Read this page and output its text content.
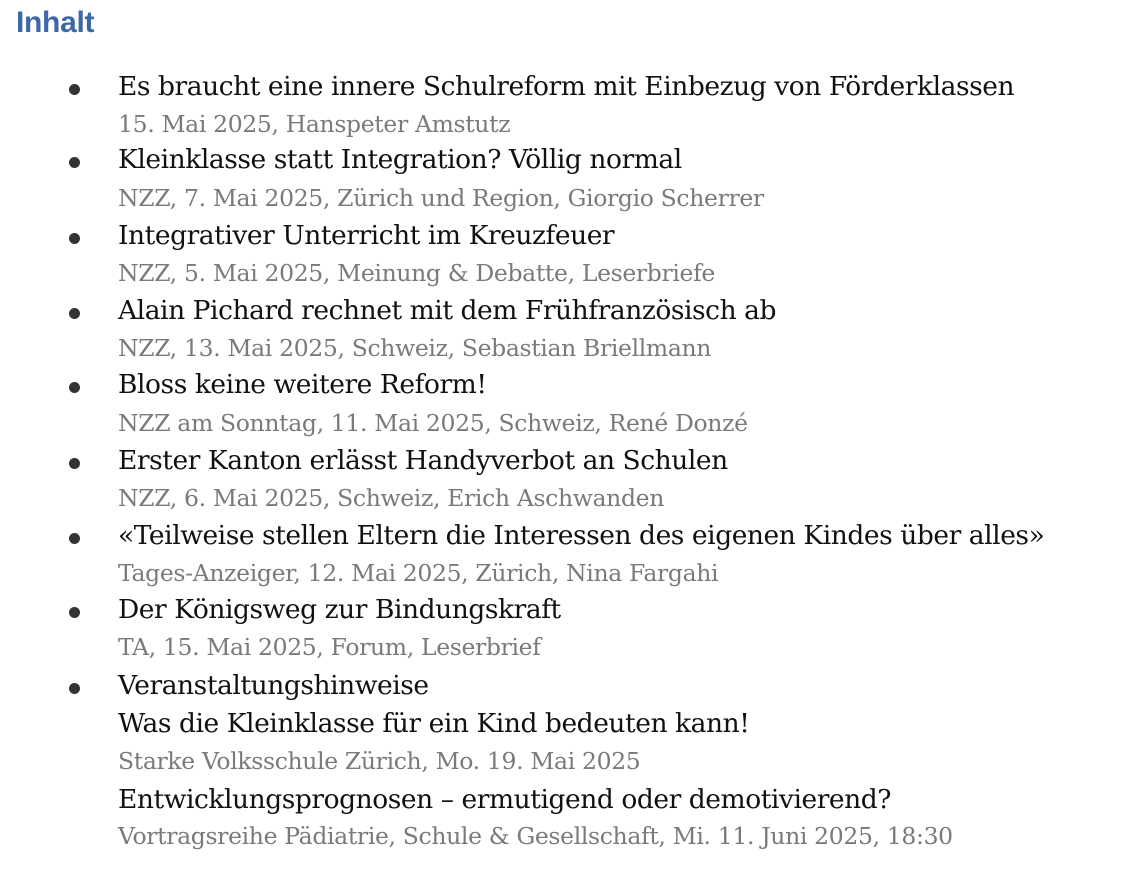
Inhalt
Es braucht eine innere Schulreform mit Einbezug von Förderklassen
15. Mai 2025, Hanspeter Amstutz
Kleinklasse statt Integration? Völlig normal
NZZ, 7. Mai 2025, Zürich und Region, Giorgio Scherrer
Integrativer Unterricht im Kreuzfeuer
NZZ, 5. Mai 2025, Meinung & Debatte, Leserbriefe
Alain Pichard rechnet mit dem Frühfranzösisch ab
NZZ, 13. Mai 2025, Schweiz, Sebastian Briellmann
Bloss keine weitere Reform!
NZZ am Sonntag, 11. Mai 2025, Schweiz, René Donzé
Erster Kanton erlässt Handyverbot an Schulen
NZZ, 6. Mai 2025, Schweiz, Erich Aschwanden
«Teilweise stellen Eltern die Interessen des eigenen Kindes über alles»
Tages-Anzeiger, 12. Mai 2025, Zürich, Nina Fargahi
Der Königsweg zur Bindungskraft
TA, 15. Mai 2025, Forum, Leserbrief
Veranstaltungshinweise
Was die Kleinklasse für ein Kind bedeuten kann!
Starke Volksschule Zürich, Mo. 19. Mai 2025
Entwicklungsprognosen – ermutigend oder demotivierend?
Vortragsreihe Pädiatrie, Schule & Gesellschaft, Mi. 11. Juni 2025, 18:30
